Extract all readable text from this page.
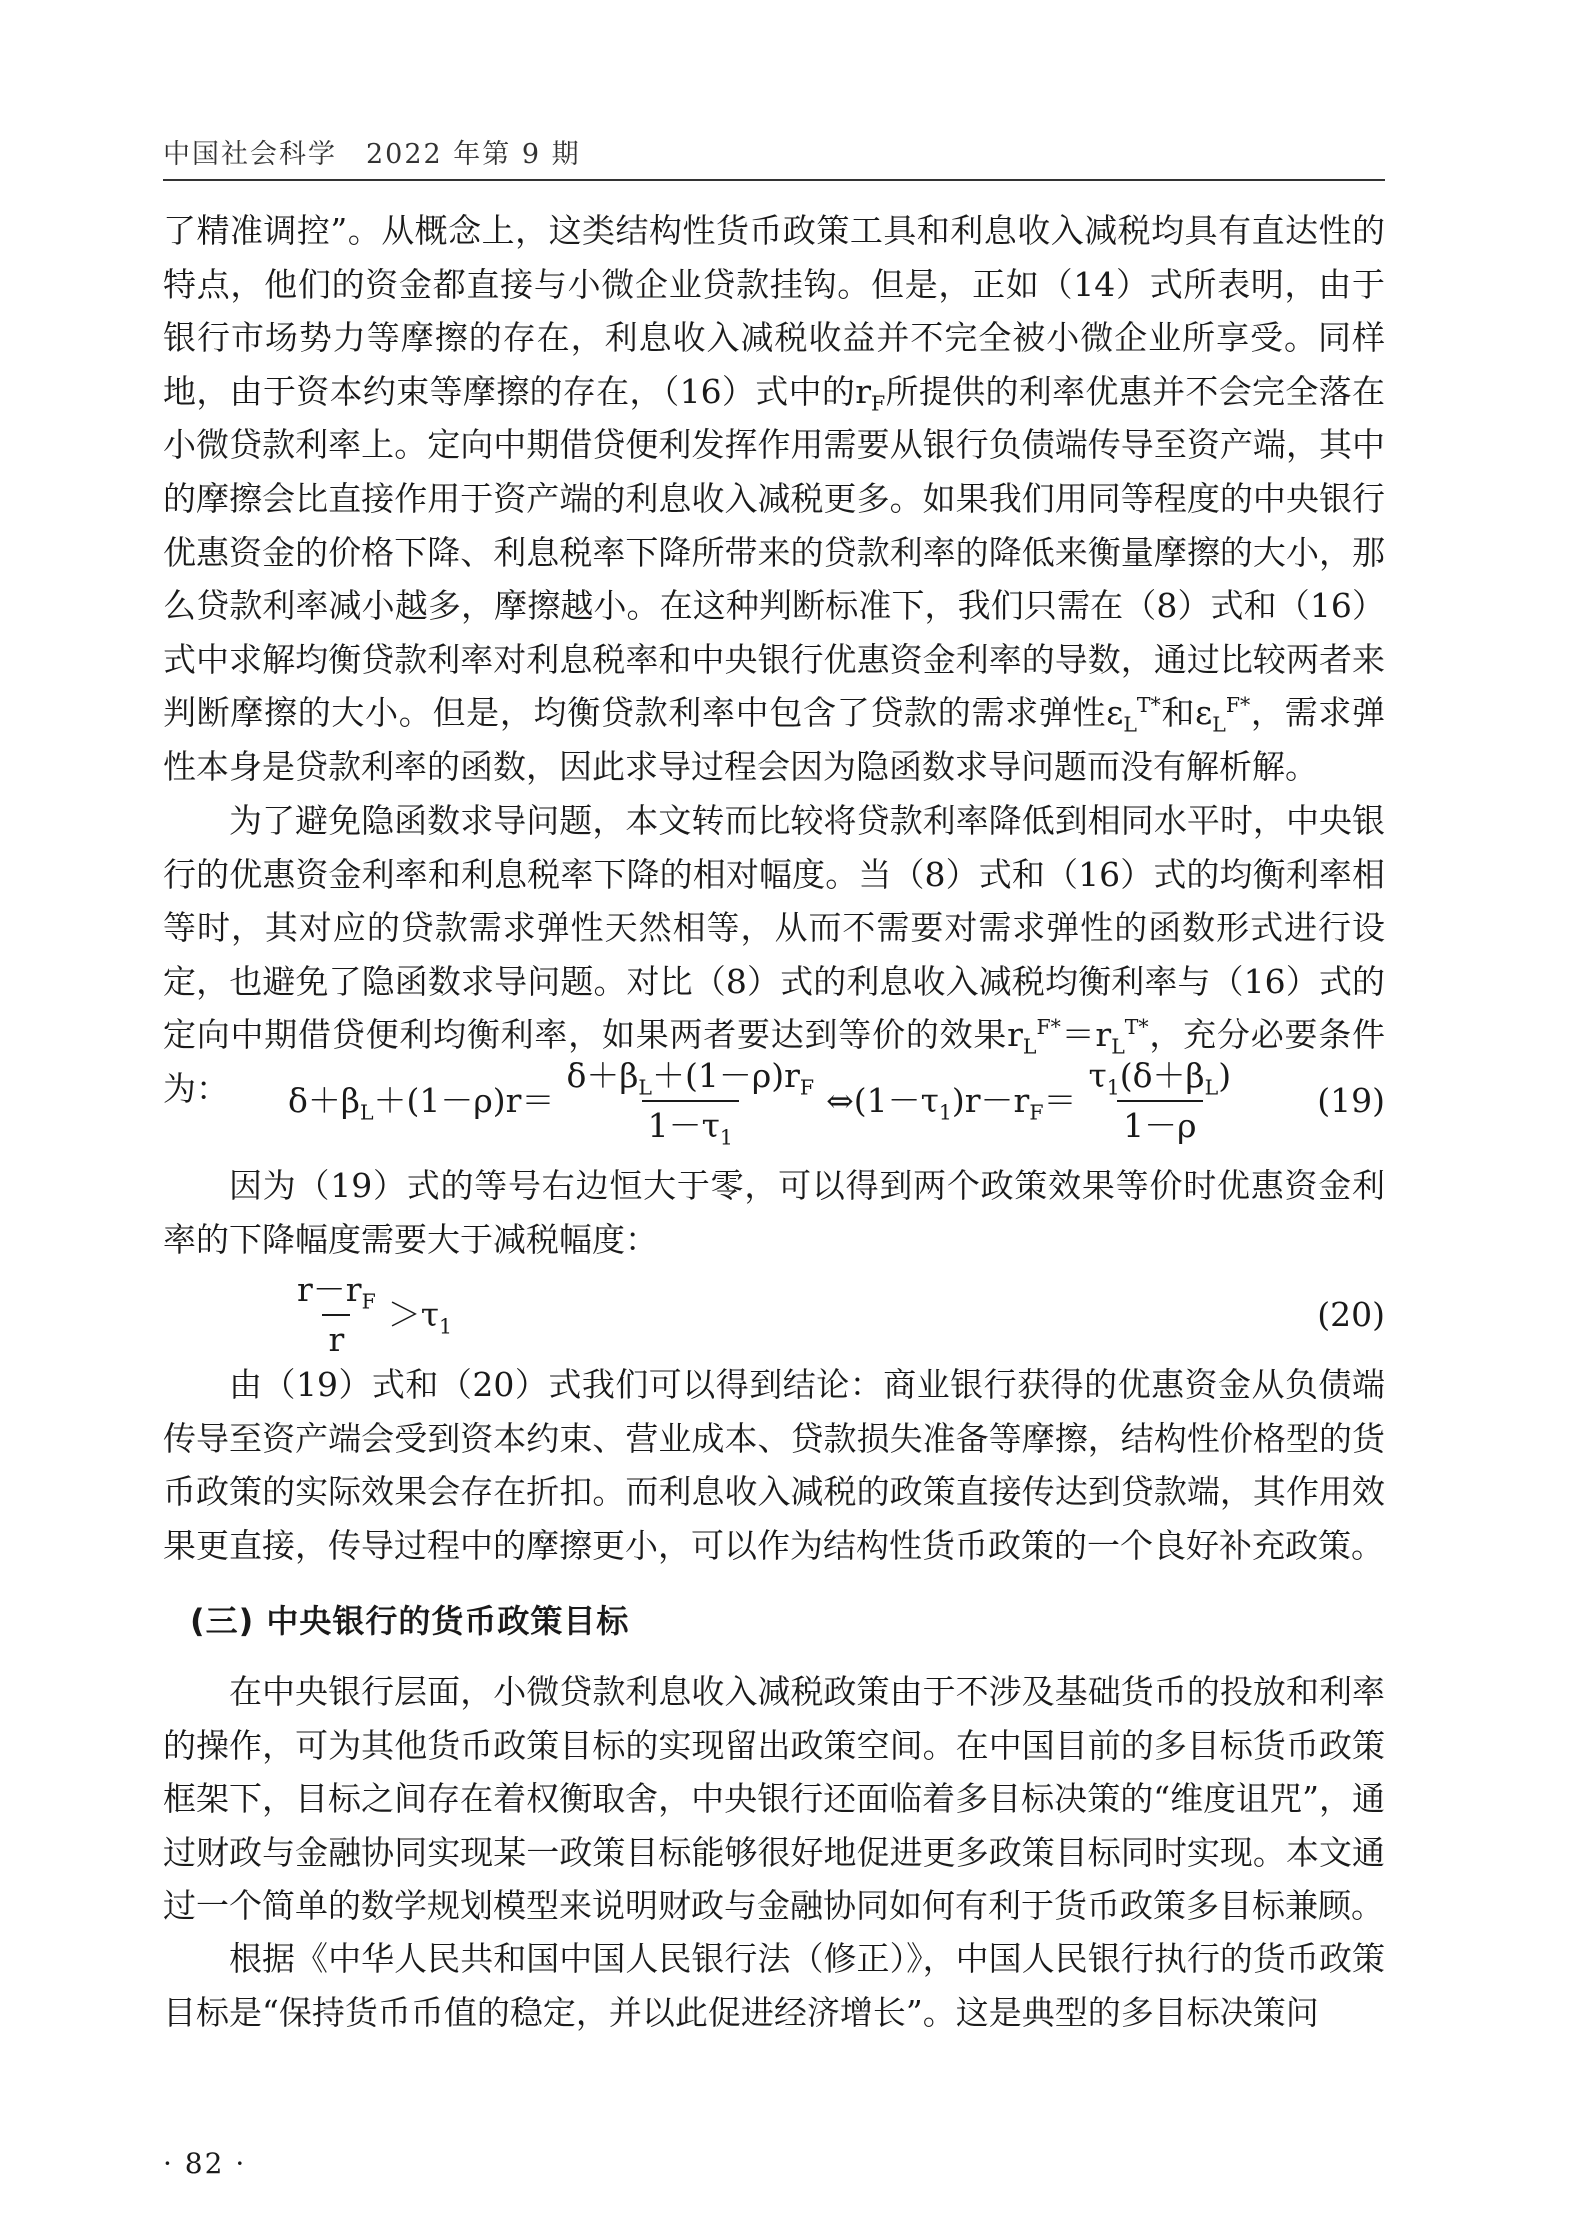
中国社会科学　2022 年第 9 期

了精准调控”。从概念上，这类结构性货币政策工具和利息收入减税均具有直达性的特点，他们的资金都直接与小微企业贷款挂钩。但是，正如（14）式所表明，由于银行市场势力等摩擦的存在，利息收入减税收益并不完全被小微企业所享受。同样地，由于资本约束等摩擦的存在，（16）式中的$r_F$所提供的利率优惠并不会完全落在小微贷款利率上。定向中期借贷便利发挥作用需要从银行负债端传导至资产端，其中的摩擦会比直接作用于资产端的利息收入减税更多。如果我们用同等程度的中央银行优惠资金的价格下降、利息税率下降所带来的贷款利率的降低来衡量摩擦的大小，那么贷款利率减小越多，摩擦越小。在这种判断标准下，我们只需在（8）式和（16）式中求解均衡贷款利率对利息税率和中央银行优惠资金利率的导数，通过比较两者来判断摩擦的大小。但是，均衡贷款利率中包含了贷款的需求弹性$\varepsilon_L^{T*}$和$\varepsilon_L^{F*}$，需求弹性本身是贷款利率的函数，因此求导过程会因为隐函数求导问题而没有解析解。

为了避免隐函数求导问题，本文转而比较将贷款利率降低到相同水平时，中央银行的优惠资金利率和利息税率下降的相对幅度。当（8）式和（16）式的均衡利率相等时，其对应的贷款需求弹性天然相等，从而不需要对需求弹性的函数形式进行设定，也避免了隐函数求导问题。对比（8）式的利息收入减税均衡利率与（16）式的定向中期借贷便利均衡利率，如果两者要达到等价的效果$r_L^{F*}=r_L^{T*}$，充分必要条件为：	$\delta+\beta_L+(1-\rho)r= \frac{\delta+\beta_L+(1-\rho)r_F}{1-\tau_1}$ $\Leftrightarrow(1-\tau_1)r-r_F= \frac{\tau_1(\delta+\beta_L)}{1-\rho} (19)$

因为（19）式的等号右边恒大于零，可以得到两个政策效果等价时优惠资金利率的下降幅度需要大于减税幅度：

$\frac{r-r_F}{r} >\tau_1$	(20)

由（19）式和（20）式我们可以得到结论：商业银行获得的优惠资金从负债端传导至资产端会受到资本约束、营业成本、贷款损失准备等摩擦，结构性价格型的货币政策的实际效果会存在折扣。而利息收入减税的政策直接传达到贷款端，其作用效果更直接，传导过程中的摩擦更小，可以作为结构性货币政策的一个良好补充政策。

(三) 中央银行的货币政策目标

在中央银行层面，小微贷款利息收入减税政策由于不涉及基础货币的投放和利率的操作，可为其他货币政策目标的实现留出政策空间。在中国目前的多目标货币政策框架下，目标之间存在着权衡取舍，中央银行还面临着多目标决策的“维度诅咒”，通过财政与金融协同实现某一政策目标能够很好地促进更多政策目标同时实现。本文通过一个简单的数学规划模型来说明财政与金融协同如何有利于货币政策多目标兼顾。

根据《中华人民共和国中国人民银行法（修正）》，中国人民银行执行的货币政策目标是“保持货币币值的稳定，并以此促进经济增长”。这是典型的多目标决策问

· 82 ·
